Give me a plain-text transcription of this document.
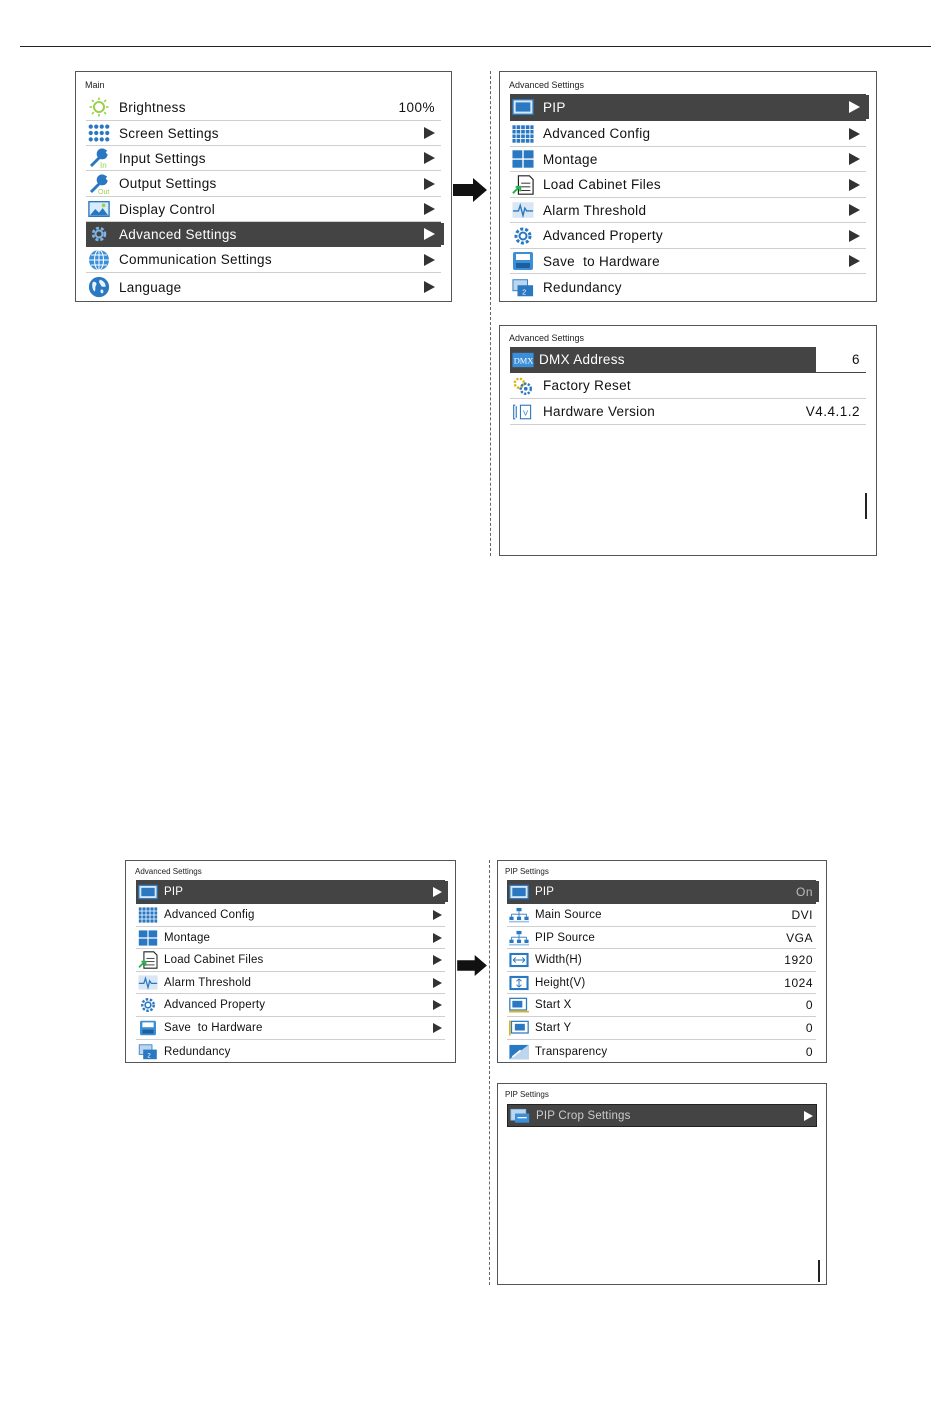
Main
Brightness	100%
Screen Settings
In Input Settings
Out
Output Settings
Display Control
Advanced Settings
Communication Settings
Language
Advanced Settings
PIP
Advanced Config
Montage
Load Cabinet Files
Alarm Threshold
Advanced Property
Save  to Hardware
2 Redundancy
Advanced Settings
DMX DMX Address	6
Factory Reset
V Hardware Version	V4.4.1.2
Advanced Settings
PIP
Advanced Config
Montage
Load Cabinet Files
Alarm Threshold
Advanced Property
Save  to Hardware
2 Redundancy
PIP Settings
PIP	On
Main Source	DVI
PIP Source	VGA
Width(H)	1920
Height(V)	1024
Start X	0
Start Y	0
Transparency	0
PIP Settings
PIP Crop Settings
